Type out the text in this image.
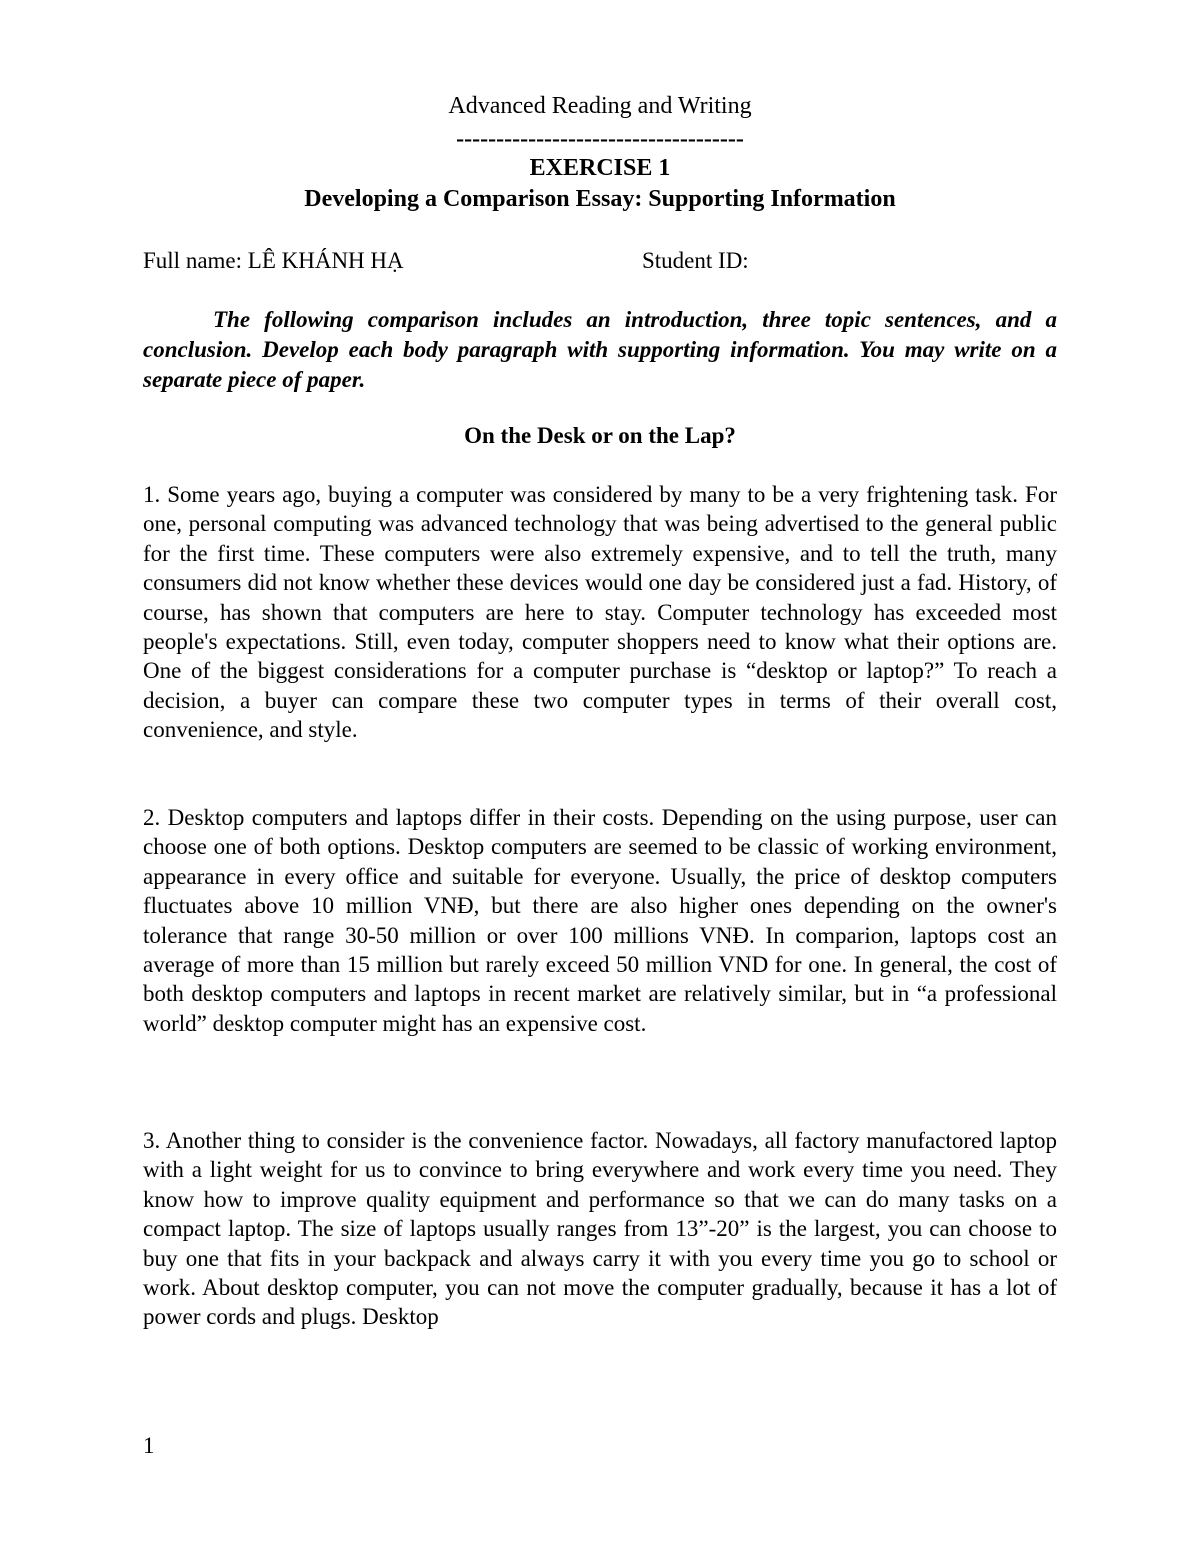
Advanced Reading and Writing
------------------------------------
EXERCISE 1
Developing a Comparison Essay: Supporting Information
Full name: LÊ KHÁNH HẠ	Student ID:
The following comparison includes an introduction, three topic sentences, and a conclusion. Develop each body paragraph with supporting information. You may write on a separate piece of paper.
On the Desk or on the Lap?
1. Some years ago, buying a computer was considered by many to be a very frightening task. For one, personal computing was advanced technology that was being advertised to the general public for the first time. These computers were also extremely expensive, and to tell the truth, many consumers did not know whether these devices would one day be considered just a fad. History, of course, has shown that computers are here to stay. Computer technology has exceeded most people's expectations. Still, even today, computer shoppers need to know what their options are. One of the biggest considerations for a computer purchase is “desktop or laptop?” To reach a decision, a buyer can compare these two computer types in terms of their overall cost, convenience, and style.
2. Desktop computers and laptops differ in their costs. Depending on the using purpose, user can choose one of both options. Desktop computers are seemed to be classic of working environment, appearance in every office and suitable for everyone. Usually, the price of desktop computers fluctuates above 10 million VNĐ, but there are also higher ones depending on the owner's tolerance that range 30-50 million or over 100 millions VNĐ. In comparion, laptops cost an average of more than 15 million but rarely exceed 50 million VND for one. In general, the cost of both desktop computers and laptops in recent market are relatively similar, but in “a professional world” desktop computer might has an expensive cost.
3. Another thing to consider is the convenience factor. Nowadays, all factory manufactored laptop with a light weight for us to convince to bring everywhere and work every time you need. They know how to improve quality equipment and performance so that we can do many tasks on a compact laptop. The size of laptops usually ranges from 13”-20” is the largest, you can choose to buy one that fits in your backpack and always carry it with you every time you go to school or work. About desktop computer, you can not move the computer gradually, because it has a lot of power cords and plugs. Desktop
1
